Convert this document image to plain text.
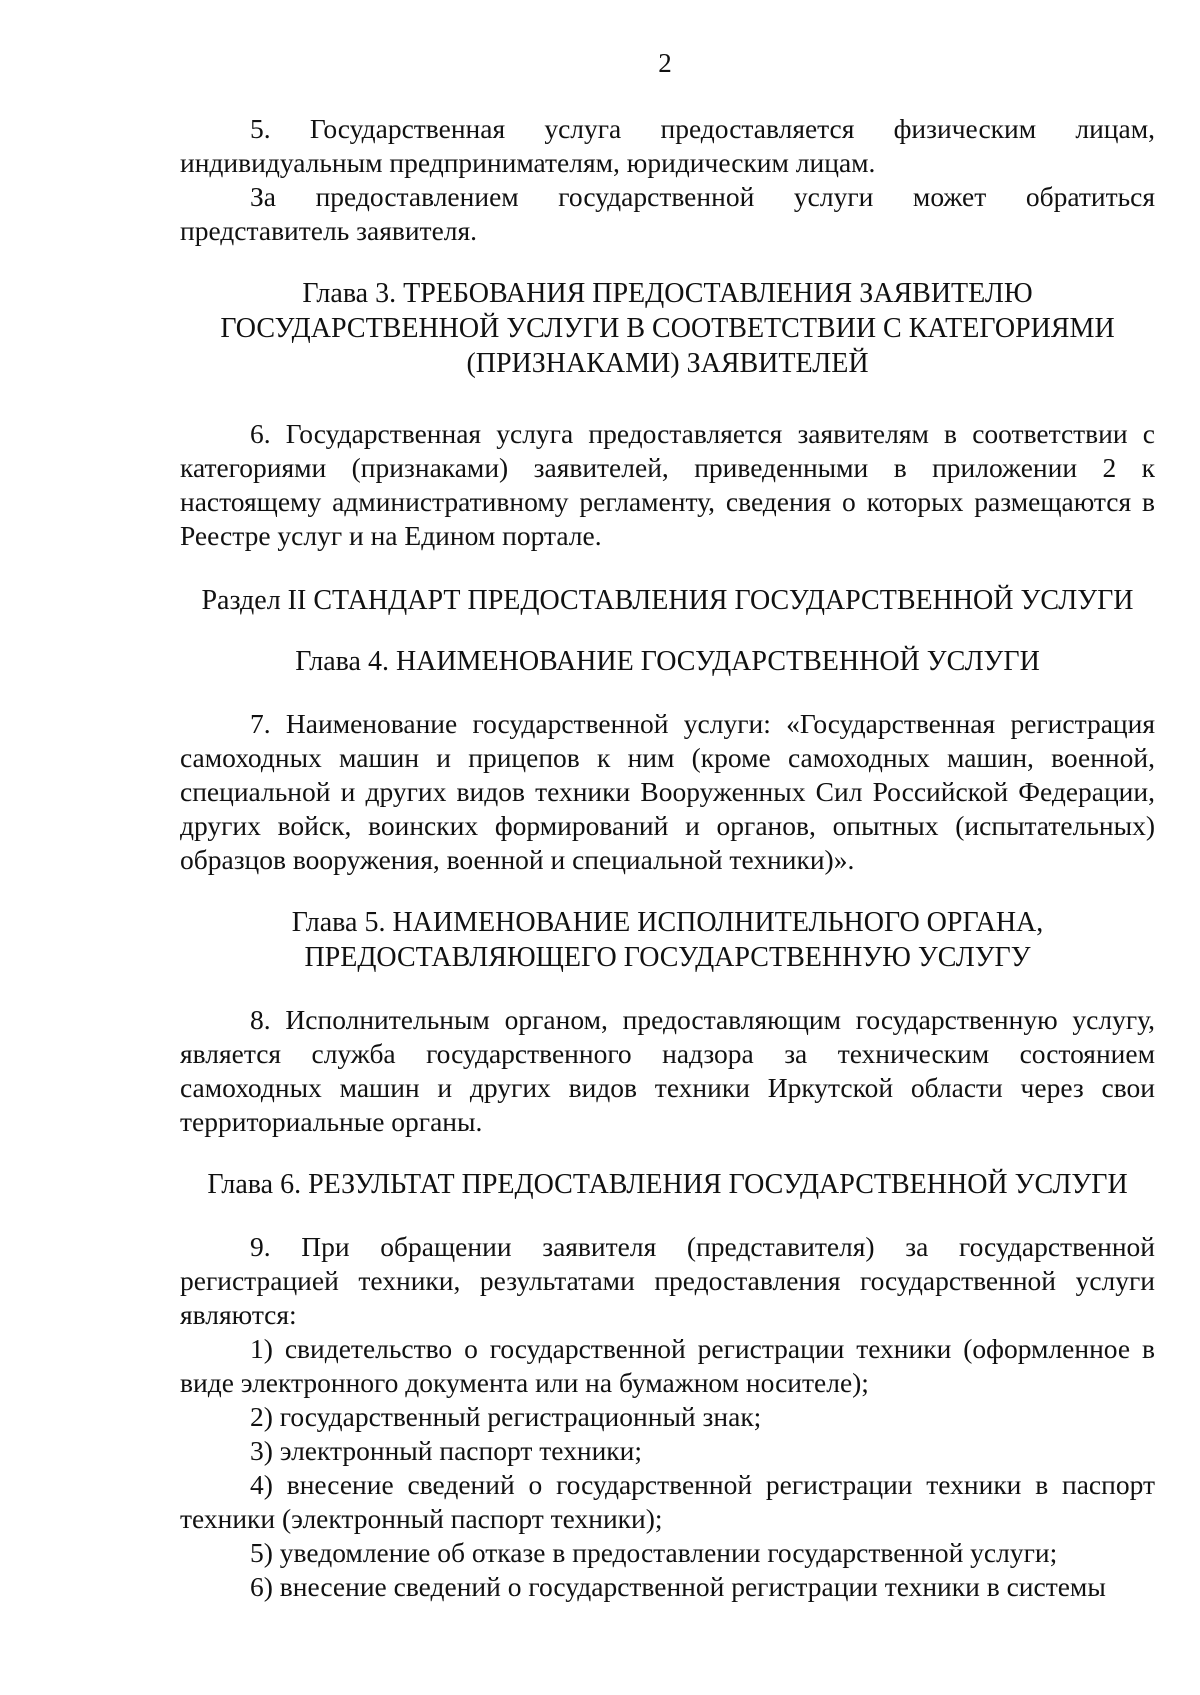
2

5. Государственная услуга предоставляется физическим лицам, индивидуальным предпринимателям, юридическим лицам.

За предоставлением государственной услуги может обратиться представитель заявителя.

Глава 3. ТРЕБОВАНИЯ ПРЕДОСТАВЛЕНИЯ ЗАЯВИТЕЛЮ ГОСУДАРСТВЕННОЙ УСЛУГИ В СООТВЕТСТВИИ С КАТЕГОРИЯМИ (ПРИЗНАКАМИ) ЗАЯВИТЕЛЕЙ

6. Государственная услуга предоставляется заявителям в соответствии с категориями (признаками) заявителей, приведенными в приложении 2 к настоящему административному регламенту, сведения о которых размещаются в Реестре услуг и на Едином портале.

Раздел II СТАНДАРТ ПРЕДОСТАВЛЕНИЯ ГОСУДАРСТВЕННОЙ УСЛУГИ
Глава 4. НАИМЕНОВАНИЕ ГОСУДАРСТВЕННОЙ УСЛУГИ

7. Наименование государственной услуги: «Государственная регистрация самоходных машин и прицепов к ним (кроме самоходных машин, военной, специальной и других видов техники Вооруженных Сил Российской Федерации, других войск, воинских формирований и органов, опытных (испытательных) образцов вооружения, военной и специальной техники)».

Глава 5. НАИМЕНОВАНИЕ ИСПОЛНИТЕЛЬНОГО ОРГАНА,
ПРЕДОСТАВЛЯЮЩЕГО ГОСУДАРСТВЕННУЮ УСЛУГУ

8. Исполнительным органом, предоставляющим государственную услугу, является служба государственного надзора за техническим состоянием самоходных машин и других видов техники Иркутской области через свои территориальные органы.

Глава 6. РЕЗУЛЬТАТ ПРЕДОСТАВЛЕНИЯ ГОСУДАРСТВЕННОЙ УСЛУГИ

9. При обращении заявителя (представителя) за государственной регистрацией техники, результатами предоставления государственной услуги являются:

1) свидетельство о государственной регистрации техники (оформленное в виде электронного документа или на бумажном носителе);

2) государственный регистрационный знак;

3) электронный паспорт техники;

4) внесение сведений о государственной регистрации техники в паспорт техники (электронный паспорт техники);

5) уведомление об отказе в предоставлении государственной услуги;

6) внесение сведений о государственной регистрации техники в системы
